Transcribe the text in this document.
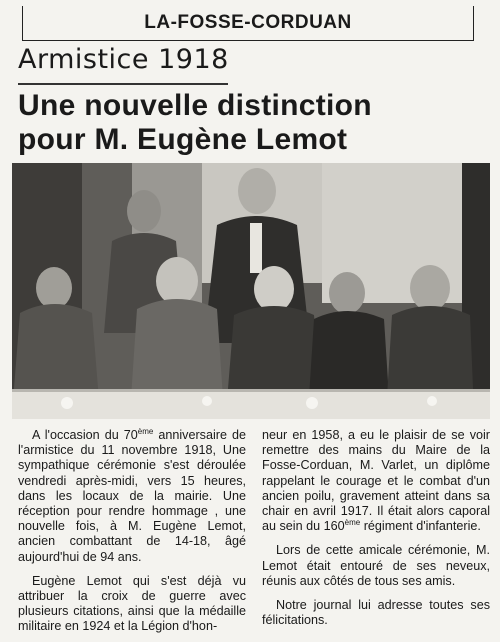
LA-FOSSE-CORDUAN
Armistice 1918
Une nouvelle distinction
pour M. Eugène Lemot

A l'occasion du 70ème anniversaire de l'armistice du 11 novembre 1918, Une sympathique cérémonie s'est déroulée vendredi après-midi, vers 15 heures, dans les locaux de la mairie. Une réception pour rendre hommage , une nouvelle fois, à M. Eugène Lemot, ancien combattant de 14-18, âgé aujourd'hui de 94 ans.

Eugène Lemot qui s'est déjà vu attribuer la croix de guerre avec plusieurs citations, ainsi que la médaille militaire en 1924 et la Légion d'hon-

neur en 1958, a eu le plaisir de se voir remettre des mains du Maire de la Fosse-Corduan, M. Varlet, un diplôme rappelant le courage et le combat d'un ancien poilu, gravement atteint dans sa chair en avril 1917. Il était alors caporal au sein du 160ème régiment d'infanterie.

Lors de cette amicale cérémonie, M. Lemot était entouré de ses neveux, réunis aux côtés de tous ses amis.

Notre journal lui adresse toutes ses félicitations.
